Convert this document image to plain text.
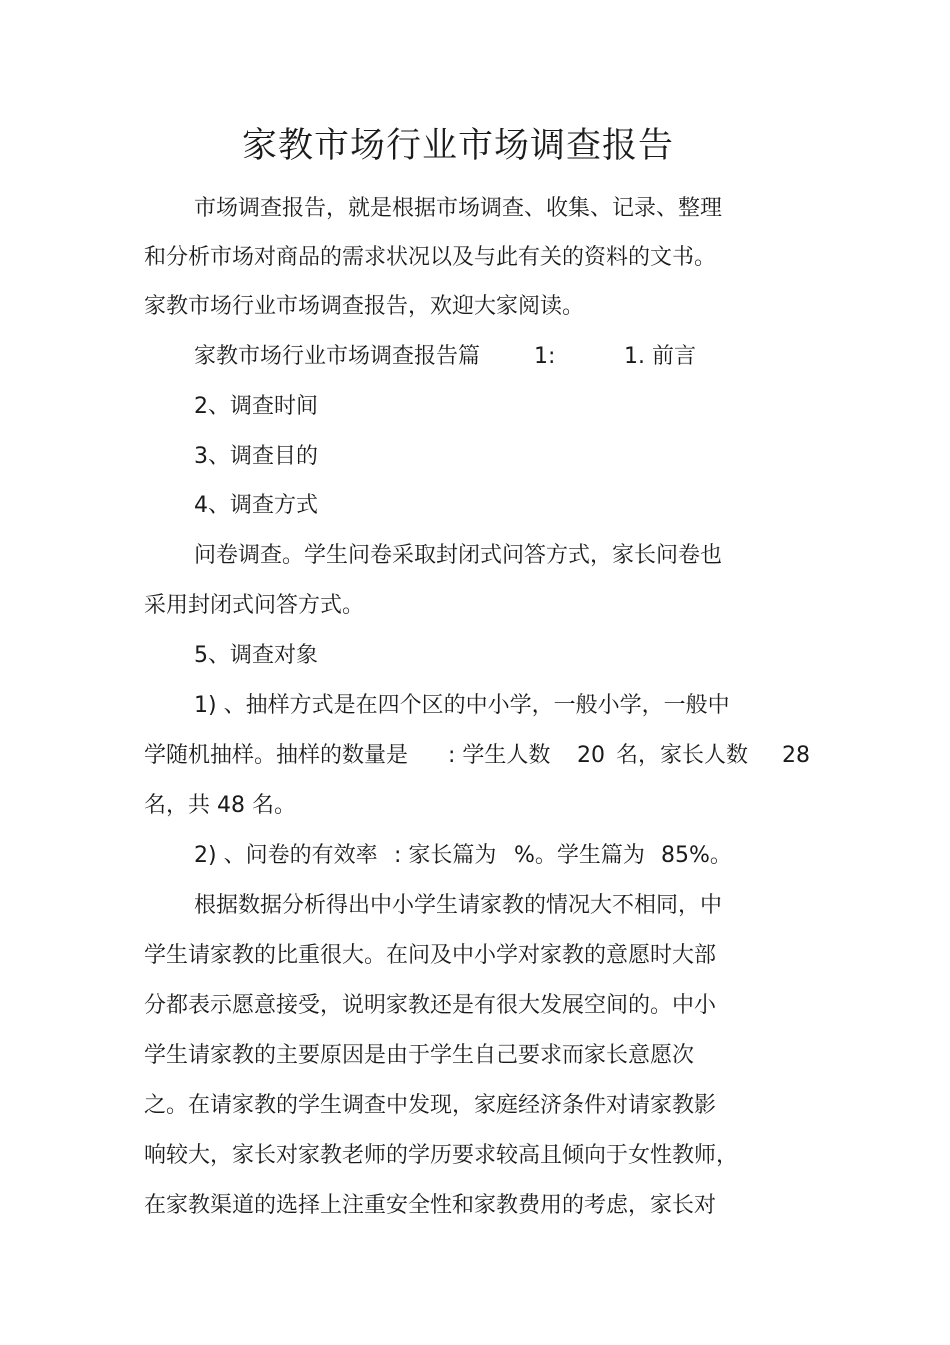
家教市场行业市场调查报告
市场调查报告，就是根据市场调查、收集、记录、整理
和分析市场对商品的需求状况以及与此有关的资料的文书。
家教市场行业市场调查报告，欢迎大家阅读。
家教市场行业市场调查报告篇 1:	1. 前言
2、调查时间
3、调查目的
4、调查方式
问卷调查。学生问卷采取封闭式问答方式，家长问卷也
采用封闭式问答方式。
5、调查对象
1) 、抽样方式是在四个区的中小学，一般小学，一般中
学随机抽样。抽样的数量是 : 学生人数 20 名，家长人数 28
名，共 48 名。
2) 、问卷的有效率 : 家长篇为 %。学生篇为 85%。
根据数据分析得出中小学生请家教的情况大不相同，中
学生请家教的比重很大。在问及中小学对家教的意愿时大部
分都表示愿意接受，说明家教还是有很大发展空间的。中小
学生请家教的主要原因是由于学生自己要求而家长意愿次
之。在请家教的学生调查中发现，家庭经济条件对请家教影
响较大，家长对家教老师的学历要求较高且倾向于女性教师，
在家教渠道的选择上注重安全性和家教费用的考虑，家长对
